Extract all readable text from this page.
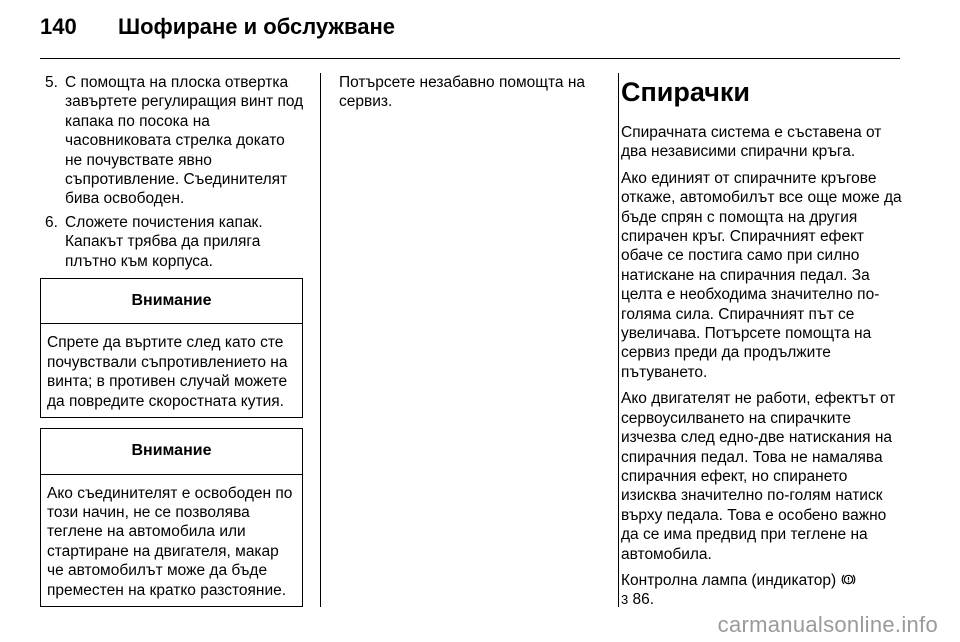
140	Шофиране и обслужване
5. С помощта на плоска отвертка завъртете регулиращия винт под капака по посока на часовниковата стрелка докато не почувствате явно съпротивление. Съединителят бива освободен.
6. Сложете почистения капак. Капакът трябва да приляга плътно към корпуса.
Внимание
Спрете да въртите след като сте почувствали съпротивлението на винта; в противен случай можете да повредите скоростната кутия.
Внимание
Ако съединителят е освободен по този начин, не се позволява теглене на автомобила или стартиране на двигателя, макар че автомобилът може да бъде преместен на кратко разстояние.
Потърсете незабавно помощта на сервиз.	Спирачки
Спирачната система е съставена от два независими спирачни кръга.
Ако единият от спирачните кръгове откаже, автомобилът все още може да бъде спрян с помощта на другия спирачен кръг. Спирачният ефект обаче се постига само при силно натискане на спирачния педал. За целта е необходима значително по-голяма сила. Спирачният път се увеличава. Потърсете помощта на сервиз преди да продължите пътуването.
Ако двигателят не работи, ефектът от сервоусилването на спирачките изчезва след едно-две натискания на спирачния педал. Това не намалява спирачния ефект, но спирането изисква значително по-голям натиск върху педала. Това е особено важно да се има предвид при теглене на автомобила.
Контролна лампа (индикатор)
3 86.
carmanualsonline.info
